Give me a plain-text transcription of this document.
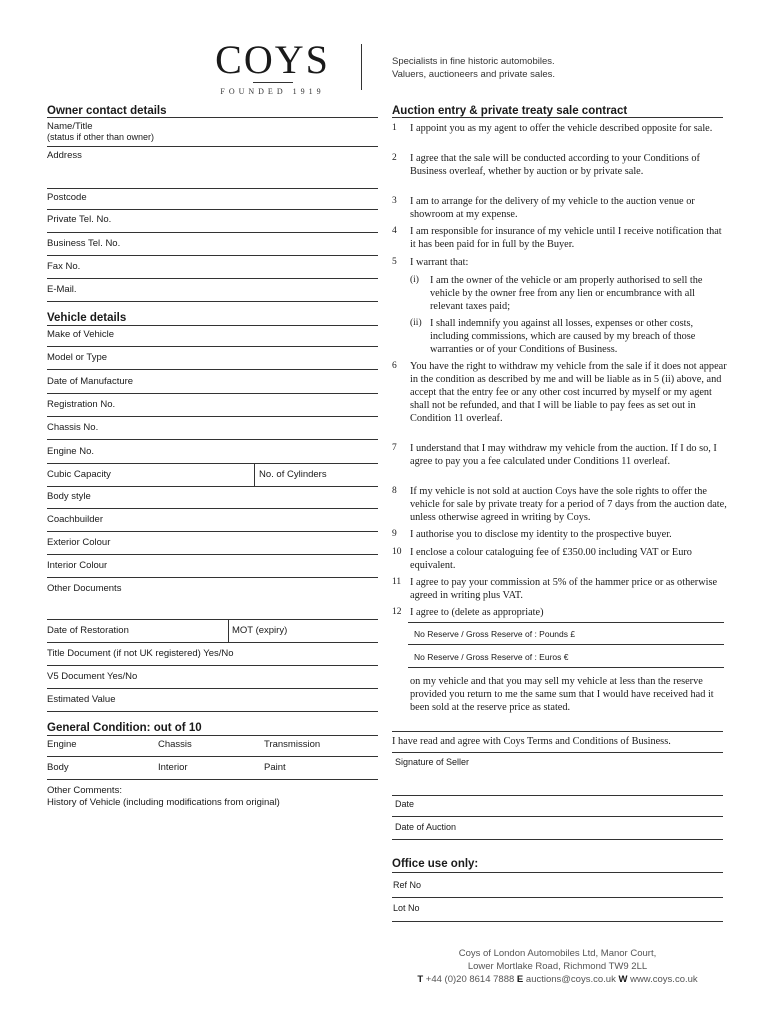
COYS
FOUNDED 1919
Specialists in fine historic automobiles.
Valuers, auctioneers and private sales.
Owner contact details
Name/Title
(status if other than owner)
Address
Postcode
Private Tel. No.
Business Tel. No.
Fax No.
E-Mail.
Vehicle details
Make of Vehicle
Model or Type
Date of Manufacture
Registration No.
Chassis No.
Engine No.
Cubic Capacity	No. of Cylinders
Body style
Coachbuilder
Exterior Colour
Interior Colour
Other Documents
Date of Restoration	MOT (expiry)
Title Document (if not UK registered) Yes/No
V5 Document Yes/No
Estimated Value
General Condition: out of 10
Engine	Chassis	Transmission
Body	Interior	Paint
Other Comments:
History of Vehicle (including modifications from original)
Auction entry & private treaty sale contract
1 I appoint you as my agent to offer the vehicle described opposite for sale.
2 I agree that the sale will be conducted according to your Conditions of Business overleaf, whether by auction or by private sale.
3 I am to arrange for the delivery of my vehicle to the auction venue or showroom at my expense.
4 I am responsible for insurance of my vehicle until I receive notification that it has been paid for in full by the Buyer.
5 I warrant that:
(i) I am the owner of the vehicle or am properly authorised to sell the vehicle by the owner free from any lien or encumbrance with all relevant taxes paid;
(ii) I shall indemnify you against all losses, expenses or other costs, including commissions, which are caused by my breach of those warranties or of your Conditions of Business.
6 You have the right to withdraw my vehicle from the sale if it does not appear in the condition as described by me and will be liable as in 5 (ii) above, and accept that the entry fee or any other cost incurred by myself or my agent shall not be refunded, and that I will be liable to pay fees as set out in Condition 11 overleaf.
7 I understand that I may withdraw my vehicle from the auction. If I do so, I agree to pay you a fee calculated under Conditions 11 overleaf.
8 If my vehicle is not sold at auction Coys have the sole rights to offer the vehicle for sale by private treaty for a period of 7 days from the auction date, unless otherwise agreed in writing by Coys.
9 I authorise you to disclose my identity to the prospective buyer.
10 I enclose a colour cataloguing fee of £350.00 including VAT or Euro equivalent.
11 I agree to pay your commission at 5% of the hammer price or as otherwise agreed in writing plus VAT.
12 I agree to (delete as appropriate)
No Reserve / Gross Reserve of : Pounds £
No Reserve / Gross Reserve of : Euros €
on my vehicle and that you may sell my vehicle at less than the reserve provided you return to me the same sum that I would have received had it been sold at the reserve price as stated.
I have read and agree with Coys Terms and Conditions of Business.
Signature of Seller
Date
Date of Auction
Office use only:
Ref No
Lot No
Coys of London Automobiles Ltd, Manor Court,
Lower Mortlake Road, Richmond TW9 2LL
T +44 (0)20 8614 7888 E auctions@coys.co.uk W www.coys.co.uk
